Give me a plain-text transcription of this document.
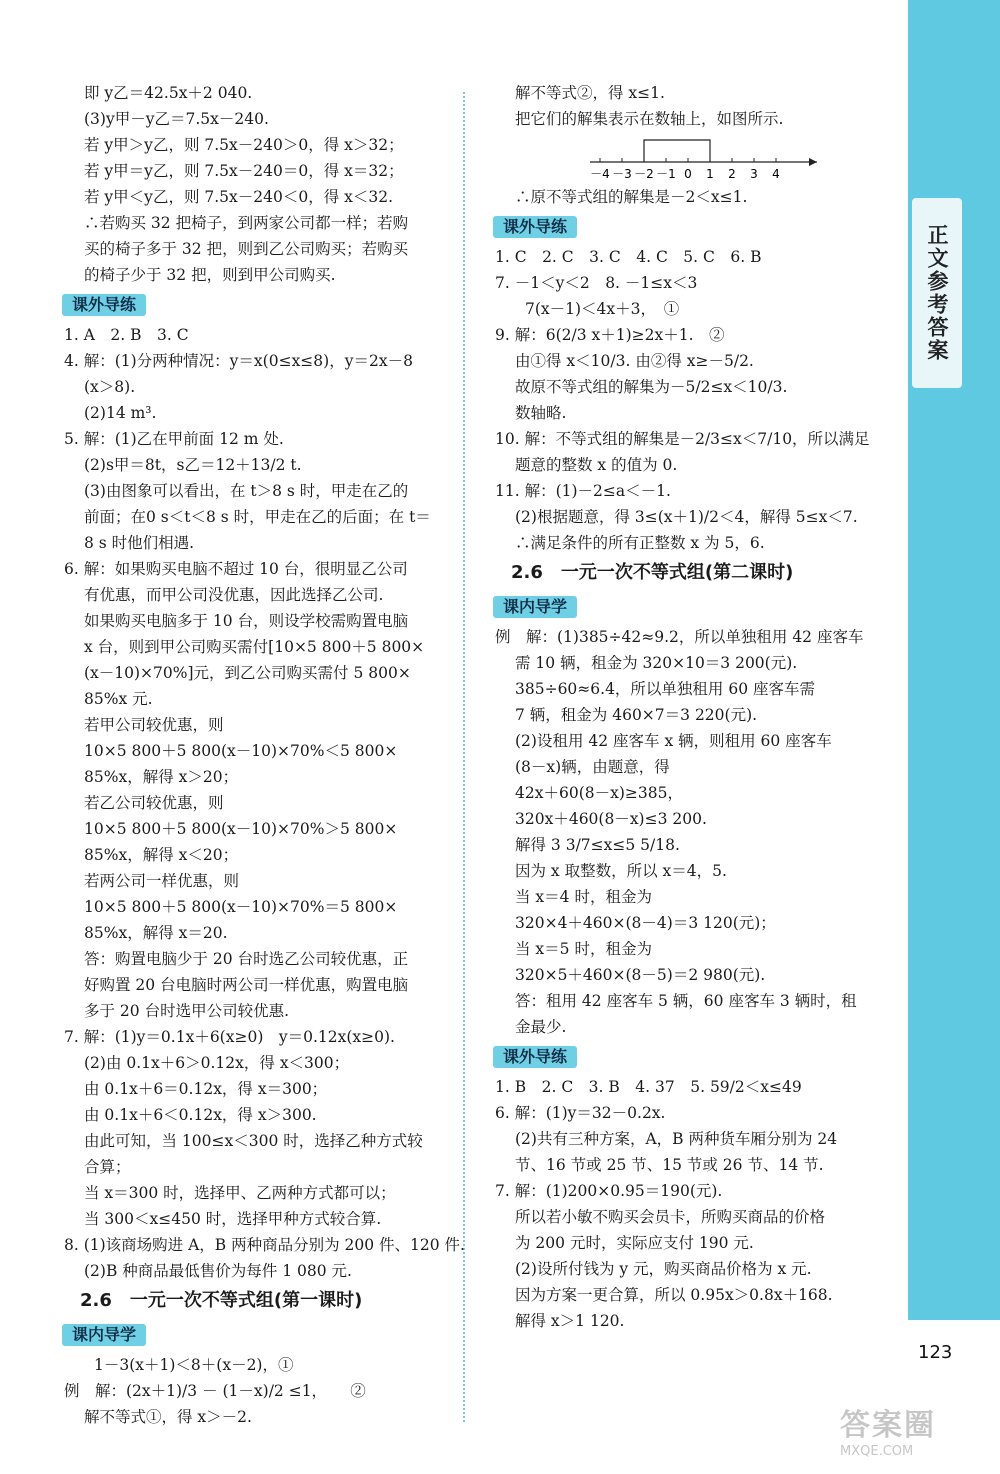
正文参考答案
即 y乙＝42.5x＋2 040.
(3)y甲－y乙＝7.5x－240.
若 y甲＞y乙，则 7.5x－240＞0，得 x＞32；
若 y甲＝y乙，则 7.5x－240＝0，得 x＝32；
若 y甲＜y乙，则 7.5x－240＜0，得 x＜32.
∴若购买 32 把椅子，到两家公司都一样；若购
买的椅子多于 32 把，则到乙公司购买；若购买
的椅子少于 32 把，则到甲公司购买.
课外导练
1. A　2. B　3. C
4. 解：(1)分两种情况：y＝x(0≤x≤8)，y＝2x－8
(x＞8).
(2)14 m³.
5. 解：(1)乙在甲前面 12 m 处.
(2)s甲＝8t，s乙＝12＋13/2 t.
(3)由图象可以看出，在 t＞8 s 时，甲走在乙的
前面；在0 s＜t＜8 s 时，甲走在乙的后面；在 t＝
8 s 时他们相遇.
6. 解：如果购买电脑不超过 10 台，很明显乙公司
有优惠，而甲公司没优惠，因此选择乙公司.
如果购买电脑多于 10 台，则设学校需购置电脑
x 台，则到甲公司购买需付[10×5 800＋5 800×
(x－10)×70%]元，到乙公司购买需付 5 800×
85%x 元.
若甲公司较优惠，则
10×5 800＋5 800(x－10)×70%＜5 800×
85%x，解得 x＞20；
若乙公司较优惠，则
10×5 800＋5 800(x－10)×70%＞5 800×
85%x，解得 x＜20；
若两公司一样优惠，则
10×5 800＋5 800(x－10)×70%＝5 800×
85%x，解得 x＝20.
答：购置电脑少于 20 台时选乙公司较优惠，正
好购置 20 台电脑时两公司一样优惠，购置电脑
多于 20 台时选甲公司较优惠.
7. 解：(1)y＝0.1x＋6(x≥0)　y＝0.12x(x≥0).
(2)由 0.1x＋6＞0.12x，得 x＜300；
由 0.1x＋6＝0.12x，得 x＝300；
由 0.1x＋6＜0.12x，得 x＞300.
由此可知，当 100≤x＜300 时，选择乙种方式较
合算；
当 x＝300 时，选择甲、乙两种方式都可以；
当 300＜x≤450 时，选择甲种方式较合算.
8. (1)该商场购进 A，B 两种商品分别为 200 件、120 件.
(2)B 种商品最低售价为每件 1 080 元.
2.6　一元一次不等式组(第一课时)
课内导学
1－3(x＋1)＜8＋(x－2)，①
例　解：(2x＋1)/3 － (1－x)/2 ≤1，　　②
解不等式①，得 x＞－2.
解不等式②，得 x≤1.
把它们的解集表示在数轴上，如图所示.
－4 －3 －2 －1 0 1 2 3 4
∴原不等式组的解集是－2＜x≤1.
课外导练
1. C　2. C　3. C　4. C　5. C　6. B
7. －1＜y＜2　8. －1≤x＜3
7(x－1)＜4x＋3，　①
9. 解：6(2/3 x＋1)≥2x＋1.　②
由①得 x＜10/3. 由②得 x≥－5/2.
故原不等式组的解集为－5/2≤x＜10/3.
数轴略.
10. 解：不等式组的解集是－2/3≤x＜7/10，所以满足
题意的整数 x 的值为 0.
11. 解：(1)－2≤a＜－1.
(2)根据题意，得 3≤(x＋1)/2＜4，解得 5≤x＜7.
∴满足条件的所有正整数 x 为 5，6.
2.6　一元一次不等式组(第二课时)
课内导学
例　解：(1)385÷42≈9.2，所以单独租用 42 座客车
需 10 辆，租金为 320×10＝3 200(元).
385÷60≈6.4，所以单独租用 60 座客车需
7 辆，租金为 460×7＝3 220(元).
(2)设租用 42 座客车 x 辆，则租用 60 座客车
(8－x)辆，由题意，得
42x＋60(8－x)≥385，
320x＋460(8－x)≤3 200.
解得 3 3/7≤x≤5 5/18.
因为 x 取整数，所以 x＝4，5.
当 x＝4 时，租金为
320×4＋460×(8－4)＝3 120(元)；
当 x＝5 时，租金为
320×5＋460×(8－5)＝2 980(元).
答：租用 42 座客车 5 辆，60 座客车 3 辆时，租
金最少.
课外导练
1. B　2. C　3. B　4. 37　5. 59/2＜x≤49
6. 解：(1)y＝32－0.2x.
(2)共有三种方案，A，B 两种货车厢分别为 24
节、16 节或 25 节、15 节或 26 节、14 节.
7. 解：(1)200×0.95＝190(元).
所以若小敏不购买会员卡，所购买商品的价格
为 200 元时，实际应支付 190 元.
(2)设所付钱为 y 元，购买商品价格为 x 元.
因为方案一更合算，所以 0.95x＞0.8x＋168.
解得 x＞1 120.
123
答案圈
MXQE.COM
